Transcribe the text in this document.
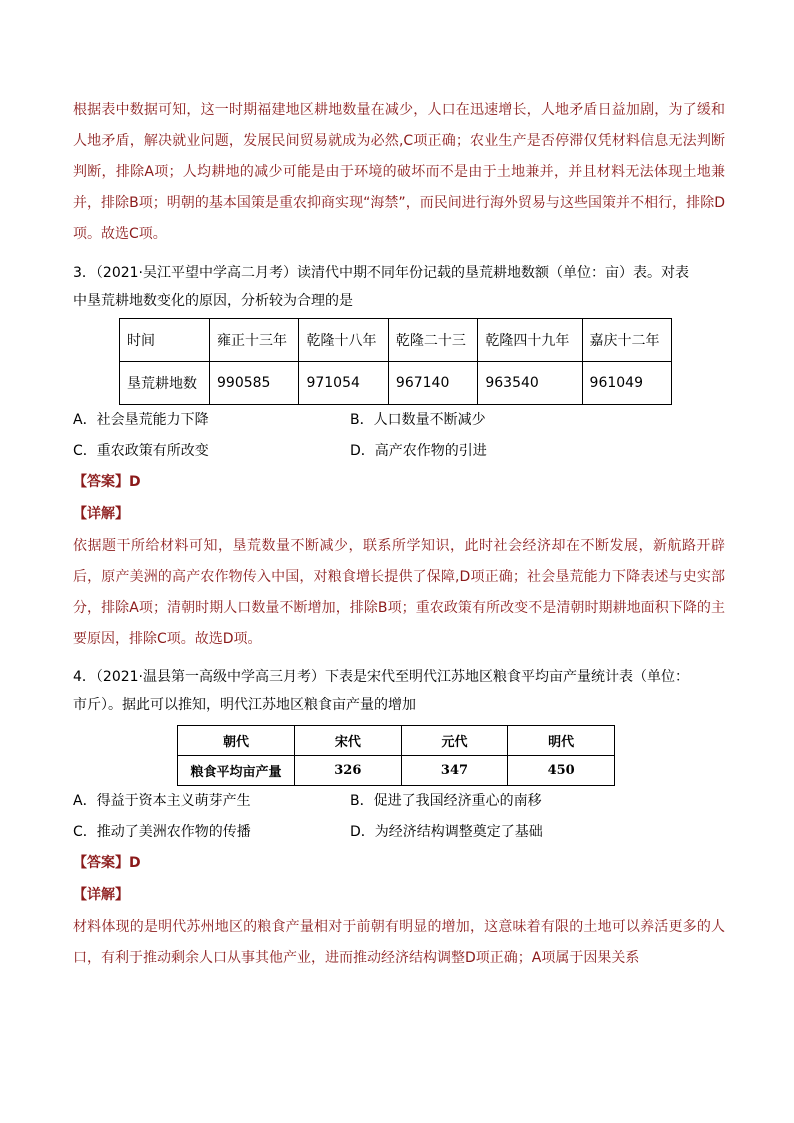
根据表中数据可知，这一时期福建地区耕地数量在减少，人口在迅速增长，人地矛盾日益加剧，为了缓和人地矛盾，解决就业问题，发展民间贸易就成为必然,C项正确；农业生产是否停滞仅凭材料信息无法判断判断，排除A项；人均耕地的减少可能是由于环境的破坏而不是由于土地兼并，并且材料无法体现土地兼并，排除B项；明朝的基本国策是重农抑商实现“海禁”，而民间进行海外贸易与这些国策并不相行，排除D项。故选C项。
3．（2021·吴江平望中学高二月考）读清代中期不同年份记载的垦荒耕地数额（单位：亩）表。对表
中垦荒耕地数变化的原因，分析较为合理的是
时间	雍正十三年	乾隆十八年	乾隆二十三	乾隆四十九年	嘉庆十二年
垦荒耕地数	990585	971054	967140	963540	961049
A．社会垦荒能力下降	B．人口数量不断减少
C．重农政策有所改变	D．高产农作物的引进
【答案】D
【详解】
依据题干所给材料可知，垦荒数量不断减少，联系所学知识，此时社会经济却在不断发展，新航路开辟后，原产美洲的高产农作物传入中国，对粮食增长提供了保障,D项正确；社会垦荒能力下降表述与史实部分，排除A项；清朝时期人口数量不断增加，排除B项；重农政策有所改变不是清朝时期耕地面积下降的主要原因，排除C项。故选D项。
4．（2021·温县第一高级中学高三月考）下表是宋代至明代江苏地区粮食平均亩产量统计表（单位：
市斤）。据此可以推知，明代江苏地区粮食亩产量的增加
朝代	宋代	元代	明代
粮食平均亩产量	326	347	450
A．得益于资本主义萌芽产生	B．促进了我国经济重心的南移
C．推动了美洲农作物的传播	D．为经济结构调整奠定了基础
【答案】D
【详解】
材料体现的是明代苏州地区的粮食产量相对于前朝有明显的增加，这意味着有限的土地可以养活更多的人口，有利于推动剩余人口从事其他产业，进而推动经济结构调整D项正确；A项属于因果关系
